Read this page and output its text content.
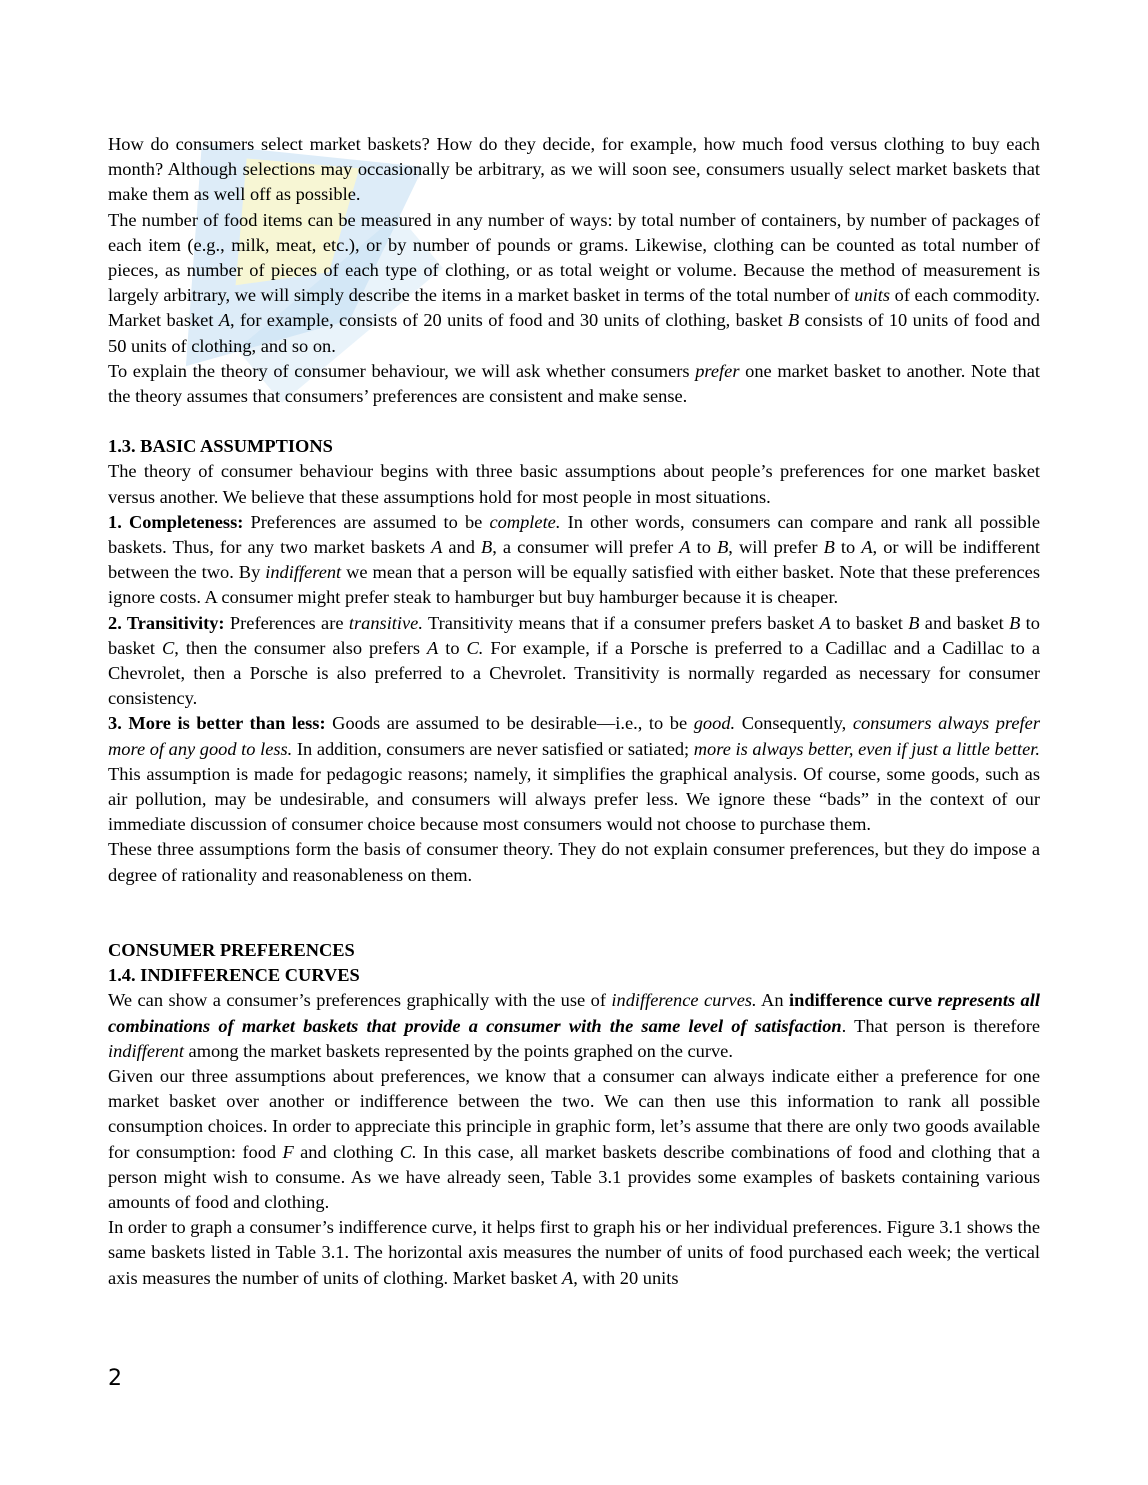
How do consumers select market baskets? How do they decide, for example, how much food versus clothing to buy each month? Although selections may occasionally be arbitrary, as we will soon see, consumers usually select market baskets that make them as well off as possible.

The number of food items can be measured in any number of ways: by total number of containers, by number of packages of each item (e.g., milk, meat, etc.), or by number of pounds or grams. Likewise, clothing can be counted as total number of pieces, as number of pieces of each type of clothing, or as total weight or volume. Because the method of measurement is largely arbitrary, we will simply describe the items in a market basket in terms of the total number of units of each commodity. Market basket A, for example, consists of 20 units of food and 30 units of clothing, basket B consists of 10 units of food and 50 units of clothing, and so on.

To explain the theory of consumer behaviour, we will ask whether consumers prefer one market basket to another. Note that the theory assumes that consumers’ preferences are consistent and make sense.

1.3. BASIC ASSUMPTIONS

The theory of consumer behaviour begins with three basic assumptions about people’s preferences for one market basket versus another. We believe that these assumptions hold for most people in most situations.

1. Completeness: Preferences are assumed to be complete. In other words, consumers can compare and rank all possible baskets. Thus, for any two market baskets A and B, a consumer will prefer A to B, will prefer B to A, or will be indifferent between the two. By indifferent we mean that a person will be equally satisfied with either basket. Note that these preferences ignore costs. A consumer might prefer steak to hamburger but buy hamburger because it is cheaper.

2. Transitivity: Preferences are transitive. Transitivity means that if a consumer prefers basket A to basket B and basket B to basket C, then the consumer also prefers A to C. For example, if a Porsche is preferred to a Cadillac and a Cadillac to a Chevrolet, then a Porsche is also preferred to a Chevrolet. Transitivity is normally regarded as necessary for consumer consistency.

3. More is better than less: Goods are assumed to be desirable—i.e., to be good. Consequently, consumers always prefer more of any good to less. In addition, consumers are never satisfied or satiated; more is always better, even if just a little better. This assumption is made for pedagogic reasons; namely, it simplifies the graphical analysis. Of course, some goods, such as air pollution, may be undesirable, and consumers will always prefer less. We ignore these “bads” in the context of our immediate discussion of consumer choice because most consumers would not choose to purchase them.

These three assumptions form the basis of consumer theory. They do not explain consumer preferences, but they do impose a degree of rationality and reasonableness on them.

CONSUMER PREFERENCES
1.4. INDIFFERENCE CURVES

We can show a consumer’s preferences graphically with the use of indifference curves. An indifference curve represents all combinations of market baskets that provide a consumer with the same level of satisfaction. That person is therefore indifferent among the market baskets represented by the points graphed on the curve.

Given our three assumptions about preferences, we know that a consumer can always indicate either a preference for one market basket over another or indifference between the two. We can then use this information to rank all possible consumption choices. In order to appreciate this principle in graphic form, let’s assume that there are only two goods available for consumption: food F and clothing C. In this case, all market baskets describe combinations of food and clothing that a person might wish to consume. As we have already seen, Table 3.1 provides some examples of baskets containing various amounts of food and clothing.

In order to graph a consumer’s indifference curve, it helps first to graph his or her individual preferences. Figure 3.1 shows the same baskets listed in Table 3.1. The horizontal axis measures the number of units of food purchased each week; the vertical axis measures the number of units of clothing. Market basket A, with 20 units

2
